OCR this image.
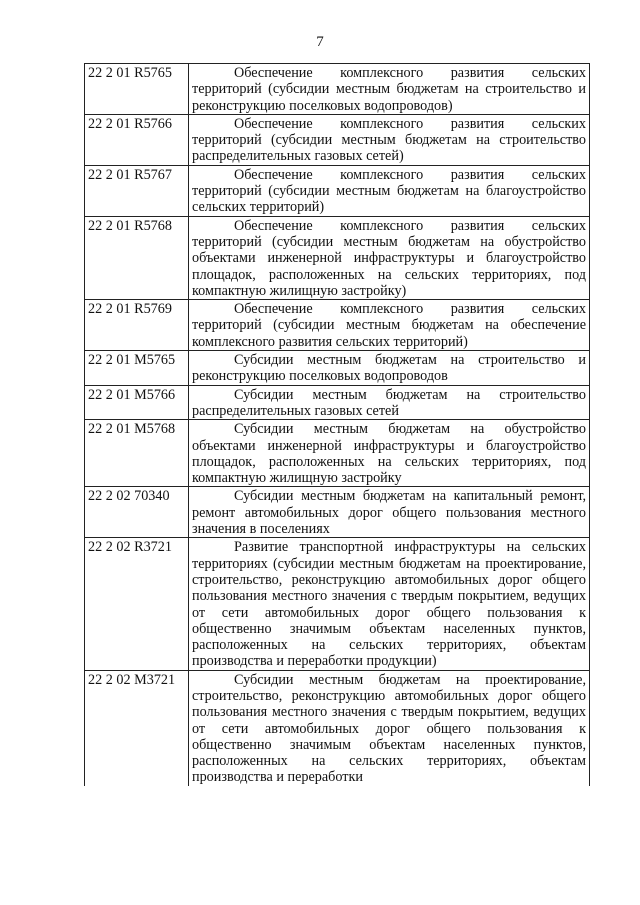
7
22 2 01 R5765	Обеспечение комплексного развития сельских территорий (субсидии местным бюджетам на строительство и реконструкцию поселковых водопроводов)
22 2 01 R5766	Обеспечение комплексного развития сельских территорий (субсидии местным бюджетам на строительство распределительных газовых сетей)
22 2 01 R5767	Обеспечение комплексного развития сельских территорий (субсидии местным бюджетам на благоустройство сельских территорий)
22 2 01 R5768	Обеспечение комплексного развития сельских территорий (субсидии местным бюджетам на обустройство объектами инженерной инфраструктуры и благоустройство площадок, расположенных на сельских территориях, под компактную жилищную застройку)
22 2 01 R5769	Обеспечение комплексного развития сельских территорий (субсидии местным бюджетам на обеспечение комплексного развития сельских территорий)
22 2 01 M5765	Субсидии местным бюджетам на строительство и реконструкцию поселковых водопроводов
22 2 01 M5766	Субсидии местным бюджетам на строительство распределительных газовых сетей
22 2 01 M5768	Субсидии местным бюджетам на обустройство объектами инженерной инфраструктуры и благоустройство площадок, расположенных на сельских территориях, под компактную жилищную застройку
22 2 02 70340	Субсидии местным бюджетам на капитальный ремонт, ремонт автомобильных дорог общего пользования местного значения в поселениях
22 2 02 R3721	Развитие транспортной инфраструктуры на сельских территориях (субсидии местным бюджетам на проектирование, строительство, реконструкцию автомобильных дорог общего пользования местного значения с твердым покрытием, ведущих от сети автомобильных дорог общего пользования к общественно значимым объектам населенных пунктов, расположенных на сельских территориях, объектам производства и переработки продукции)
22 2 02 M3721	Субсидии местным бюджетам на проектирование, строительство, реконструкцию автомобильных дорог общего пользования местного значения с твердым покрытием, ведущих от сети автомобильных дорог общего пользования к общественно значимым объектам населенных пунктов, расположенных на сельских территориях, объектам производства и переработки
